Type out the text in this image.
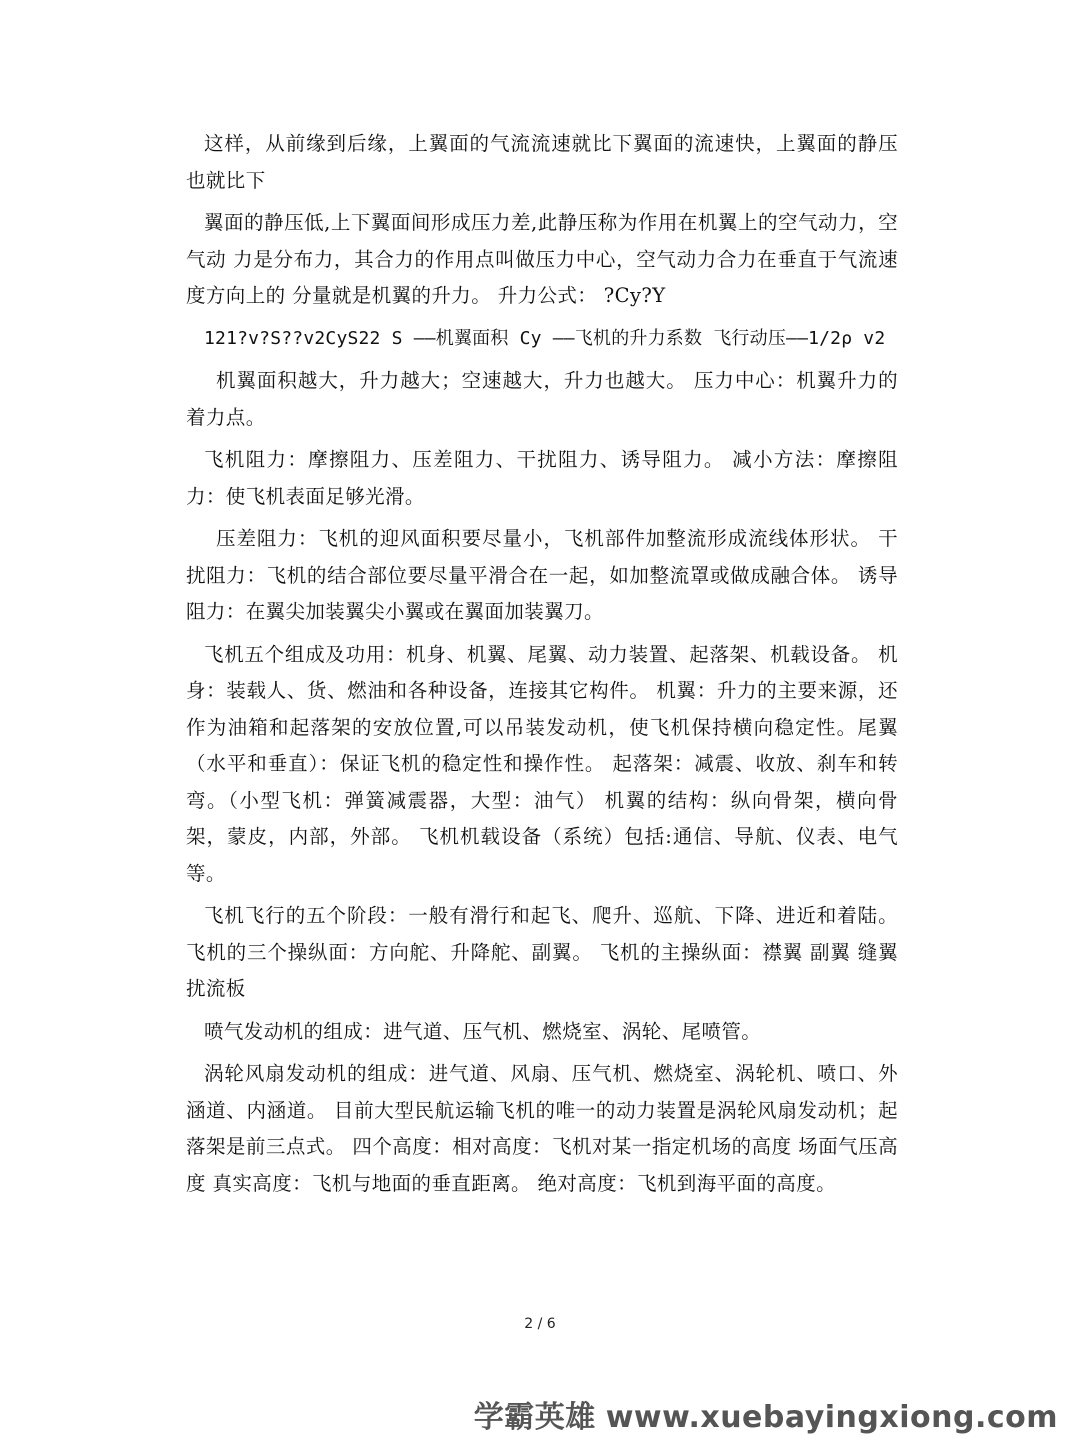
这样，从前缘到后缘，上翼面的气流流速就比下翼面的流速快，上翼面的静压也就比下

翼面的静压低,上下翼面间形成压力差,此静压称为作用在机翼上的空气动力，空气动 力是分布力，其合力的作用点叫做压力中心，空气动力合力在垂直于气流速度方向上的 分量就是机翼的升力。 升力公式： ?Cy?Y

121?v?S??v2CyS22 S ——机翼面积 Cy ——飞机的升力系数 飞行动压——1/2ρ v2

机翼面积越大，升力越大；空速越大，升力也越大。 压力中心：机翼升力的着力点。

飞机阻力：摩擦阻力、压差阻力、干扰阻力、诱导阻力。 减小方法：摩擦阻力：使飞机表面足够光滑。

压差阻力：飞机的迎风面积要尽量小，飞机部件加整流形成流线体形状。 干扰阻力：飞机的结合部位要尽量平滑合在一起，如加整流罩或做成融合体。 诱导阻力：在翼尖加装翼尖小翼或在翼面加装翼刀。

飞机五个组成及功用：机身、机翼、尾翼、动力装置、起落架、机载设备。 机身：装载人、货、燃油和各种设备，连接其它构件。 机翼：升力的主要来源，还作为油箱和起落架的安放位置,可以吊装发动机，使飞机保持横向稳定性。尾翼（水平和垂直）：保证飞机的稳定性和操作性。 起落架：减震、收放、刹车和转弯。（小型飞机：弹簧减震器，大型：油气） 机翼的结构：纵向骨架，横向骨架，蒙皮，内部，外部。 飞机机载设备（系统）包括:通信、导航、仪表、电气等。

飞机飞行的五个阶段：一般有滑行和起飞、爬升、巡航、下降、进近和着陆。飞机的三个操纵面：方向舵、升降舵、副翼。 飞机的主操纵面：襟翼 副翼 缝翼 扰流板

喷气发动机的组成：进气道、压气机、燃烧室、涡轮、尾喷管。

涡轮风扇发动机的组成：进气道、风扇、压气机、燃烧室、涡轮机、喷口、外涵道、内涵道。 目前大型民航运输飞机的唯一的动力装置是涡轮风扇发动机；起落架是前三点式。 四个高度：相对高度：飞机对某一指定机场的高度 场面气压高度 真实高度：飞机与地面的垂直距离。 绝对高度：飞机到海平面的高度。

2 / 6
学霸英雄 www.xuebayingxiong.com
